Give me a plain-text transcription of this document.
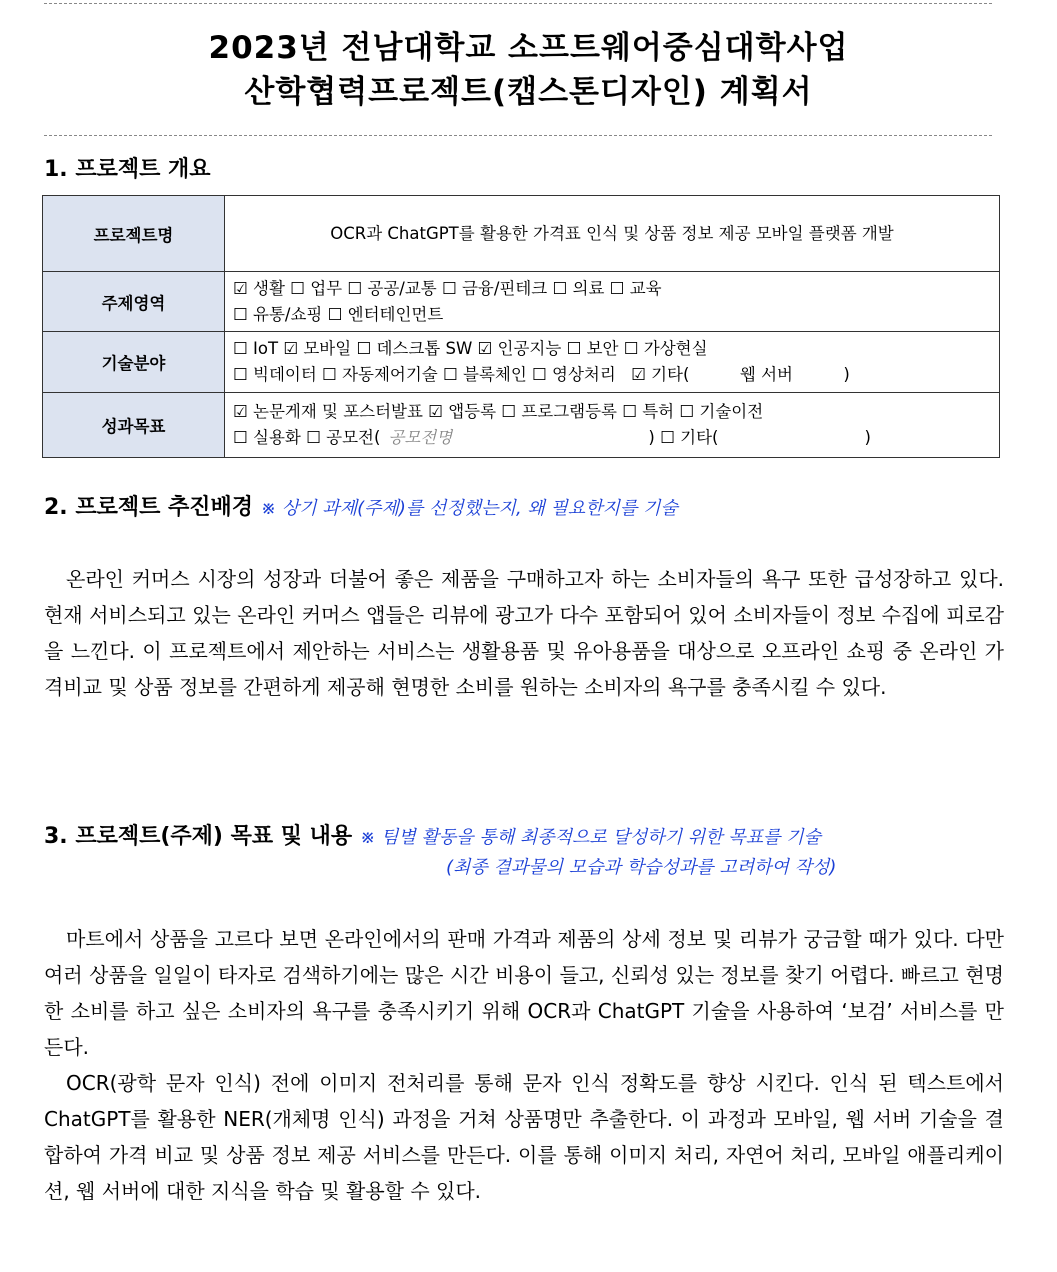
2023년 전남대학교 소프트웨어중심대학사업
산학협력프로젝트(캡스톤디자인) 계획서
1. 프로젝트 개요
프로젝트명	OCR과 ChatGPT를 활용한 가격표 인식 및 상품 정보 제공 모바일 플랫폼 개발
주제영역	☑ 생활 ☐ 업무 ☐ 공공/교통 ☐ 금융/핀테크 ☐ 의료 ☐ 교육
☐ 유통/쇼핑 ☐ 엔터테인먼트

기술분야	☐ IoT ☑ 모바일 ☐ 데스크톱 SW ☑ 인공지능 ☐ 보안 ☐ 가상현실
☐ 빅데이터 ☐ 자동제어기술 ☐ 블록체인 ☐ 영상처리 ☑ 기타( 웹 서버 )

성과목표	☑ 논문게재 및 포스터발표 ☑ 앱등록 ☐ 프로그램등록 ☐ 특허 ☐ 기술이전
☐ 실용화 ☐ 공모전( 공모전명 ) ☐ 기타( )
2. 프로젝트 추진배경 ※ 상기 과제(주제)를 선정했는지, 왜 필요한지를 기술

온라인 커머스 시장의 성장과 더불어 좋은 제품을 구매하고자 하는 소비자들의 욕구 또한 급성장하고 있다. 현재 서비스되고 있는 온라인 커머스 앱들은 리뷰에 광고가 다수 포함되어 있어 소비자들이 정보 수집에 피로감을 느낀다. 이 프로젝트에서 제안하는 서비스는 생활용품 및 유아용품을 대상으로 오프라인 쇼핑 중 온라인 가격비교 및 상품 정보를 간편하게 제공해 현명한 소비를 원하는 소비자의 욕구를 충족시킬 수 있다.

3. 프로젝트(주제) 목표 및 내용 ※ 팀별 활동을 통해 최종적으로 달성하기 위한 목표를 기술
(최종 결과물의 모습과 학습성과를 고려하여 작성)

마트에서 상품을 고르다 보면 온라인에서의 판매 가격과 제품의 상세 정보 및 리뷰가 궁금할 때가 있다. 다만 여러 상품을 일일이 타자로 검색하기에는 많은 시간 비용이 들고, 신뢰성 있는 정보를 찾기 어렵다. 빠르고 현명한 소비를 하고 싶은 소비자의 욕구를 충족시키기 위해 OCR과 ChatGPT 기술을 사용하여 ‘보검’ 서비스를 만든다.

OCR(광학 문자 인식) 전에 이미지 전처리를 통해 문자 인식 정확도를 향상 시킨다. 인식 된 텍스트에서 ChatGPT를 활용한 NER(개체명 인식) 과정을 거쳐 상품명만 추출한다. 이 과정과 모바일, 웹 서버 기술을 결합하여 가격 비교 및 상품 정보 제공 서비스를 만든다. 이를 통해 이미지 처리, 자연어 처리, 모바일 애플리케이션, 웹 서버에 대한 지식을 학습 및 활용할 수 있다.
